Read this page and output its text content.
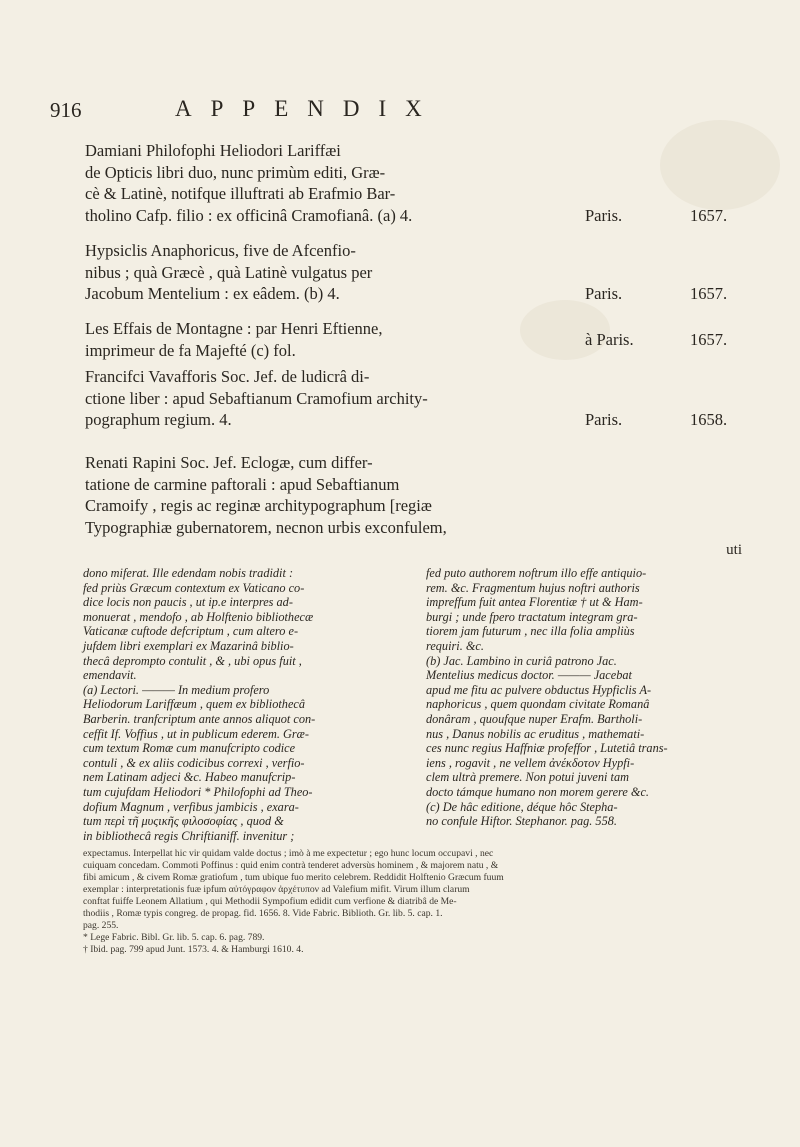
916	APPENDIX
Damiani Philofophi Heliodori Lariffæi
de Opticis libri duo, nunc primùm editi, Græ-
cè & Latinè, notifque illuftrati ab Erafmio Bar-
tholino Cafp. filio : ex officinâ Cramofianâ. (a) 4.	Paris.	1657.
Hypsiclis Anaphoricus, five de Afcenfio-
nibus ; quà Græcè , quà Latinè vulgatus per
Jacobum Mentelium : ex eâdem. (b) 4.	Paris.	1657.
Les Effais de Montagne : par Henri Eftienne,
imprimeur de fa Majefté (c) fol.
à Paris.	1657.
Francifci Vavafforis Soc. Jef. de ludicrâ di-
ctione liber : apud Sebaftianum Cramofium archity-
pographum regium. 4.	Paris.	1658.
Renati Rapini Soc. Jef. Eclogæ, cum differ-
tatione de carmine paftorali : apud Sebaftianum
Cramoify , regis ac reginæ architypographum [regiæ
Typographiæ gubernatorem, necnon urbis exconfulem,
uti

dono miferat. Ille edendam nobis tradidit :

fed priùs Græcum contextum ex Vaticano co-

dice locis non paucis , ut ip.e interpres ad-

monuerat , mendofo , ab Holftenio bibliothecæ

Vaticanæ cuftode defcriptum , cum altero e-

jufdem libri exemplari ex Mazarinâ biblio-

thecâ deprompto contulit , & , ubi opus fuit ,

emendavit.

(a) Lectori. ——— In medium profero

Heliodorum Lariffæum , quem ex bibliothecâ

Barberin. tranfcriptum ante annos aliquot con-

ceffit If. Voffius , ut in publicum ederem. Græ-

cum textum Romæ cum manufcripto codice

contuli , & ex aliis codicibus correxi , verfio-

nem Latinam adjeci &c. Habeo manufcrip-

tum cujufdam Heliodori * Philofophi ad Theo-

dofium Magnum , verfibus jambicis , exara-

tum περὶ τῆ μυςικῆς φιλοσοφίας , quod &

in bibliothecâ regis Chriftianiff. invenitur ;

fed puto authorem noftrum illo effe antiquio-

rem. &c. Fragmentum hujus noftri authoris

impreffum fuit antea Florentiæ † ut & Ham-

burgi ; unde fpero tractatum integram gra-

tiorem jam futurum , nec illa folia ampliùs

requiri. &c.

(b) Jac. Lambino in curiâ patrono Jac.

Mentelius medicus doctor. ——— Jacebat

apud me fitu ac pulvere obductus Hypficlis A-

naphoricus , quem quondam civitate Romanâ

donâram , quoufque nuper Erafm. Bartholi-

nus , Danus nobilis ac eruditus , mathemati-

ces nunc regius Haffniæ profeffor , Lutetiâ trans-

iens , rogavit , ne vellem ἀνέκδοτον Hypfi-

clem ultrà premere. Non potui juveni tam

docto támque humano non morem gerere &c.

(c) De hâc editione, déque hôc Stepha-

no confule Hiftor. Stephanor. pag. 558.

expectamus. Interpellat hic vir quidam valde doctus ; imò à me expectetur ; ego hunc locum occupavi , nec

cuiquam concedam. Commoti Poffinus : quid enim contrà tenderet adversùs hominem , & majorem natu , &

fibi amicum , & civem Romæ gratiofum , tum ubique fuo merito celebrem. Reddidit Holftenio Græcum fuum

exemplar : interpretationis fuæ ipfum αὐτόγραφον ἀρχέτυπον ad Valefium mifit. Virum illum clarum

conftat fuiffe Leonem Allatium , qui Methodii Sympofium edidit cum verfione & diatribâ de Me-

thodiis , Romæ typis congreg. de propag. fid. 1656. 8. Vide Fabric. Biblioth. Gr. lib. 5. cap. 1.

pag. 255.

* Lege Fabric. Bibl. Gr. lib. 5. cap. 6. pag. 789.

† Ibid. pag. 799 apud Junt. 1573. 4. & Hamburgi 1610. 4.
